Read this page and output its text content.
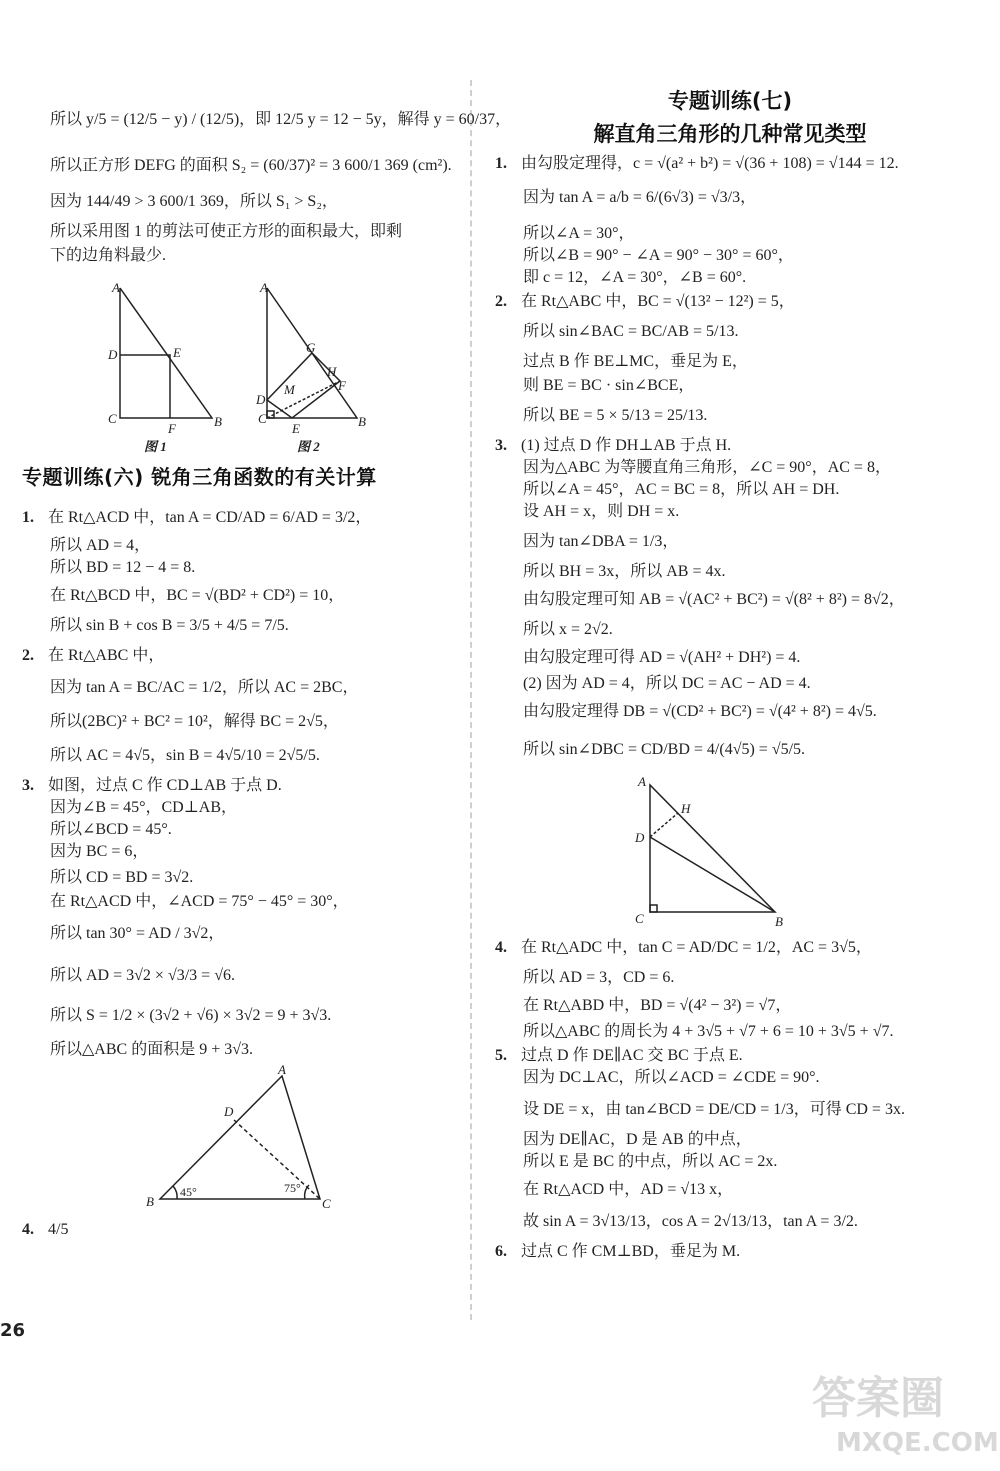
所以 y/5 = (12/5 − y) / (12/5)，即 12/5 y = 12 − 5y，解得 y = 60/37，

所以正方形 DEFG 的面积 S₂ = (60/37)² = 3 600/1 369 (cm²).

因为 144/49 > 3 600/1 369，所以 S₁ > S₂，

所以采用图 1 的剪法可使正方形的面积最大，即剩

下的边角料最少.

A
D	E
C
F	B
图 1
A
G
H
F
D
M
C
E	B
图 2
专题训练(六) 锐角三角函数的有关计算

1. 在 Rt△ACD 中，tan A = CD/AD = 6/AD = 3/2，

所以 AD = 4，

所以 BD = 12 − 4 = 8.

在 Rt△BCD 中，BC = √(BD² + CD²) = 10，

所以 sin B + cos B = 3/5 + 4/5 = 7/5.

2. 在 Rt△ABC 中，

因为 tan A = BC/AC = 1/2，所以 AC = 2BC，

所以(2BC)² + BC² = 10²，解得 BC = 2√5，

所以 AC = 4√5，sin B = 4√5/10 = 2√5/5.

3. 如图，过点 C 作 CD⊥AB 于点 D.

因为∠B = 45°，CD⊥AB，

所以∠BCD = 45°.

因为 BC = 6，

所以 CD = BD = 3√2.

在 Rt△ACD 中，∠ACD = 75° − 45° = 30°，

所以 tan 30° = AD / 3√2，

所以 AD = 3√2 × √3/3 = √6.

所以 S = 1/2 × (3√2 + √6) × 3√2 = 9 + 3√3.

所以△ABC 的面积是 9 + 3√3.

A
D
B	C
45°	75°

4. 4/5

专题训练(七)
解直角三角形的几种常见类型

1. 由勾股定理得，c = √(a² + b²) = √(36 + 108) = √144 = 12.

因为 tan A = a/b = 6/(6√3) = √3/3，

所以∠A = 30°，

所以∠B = 90° − ∠A = 90° − 30° = 60°，

即 c = 12，∠A = 30°，∠B = 60°.

2. 在 Rt△ABC 中，BC = √(13² − 12²) = 5，

所以 sin∠BAC = BC/AB = 5/13.

过点 B 作 BE⊥MC，垂足为 E，

则 BE = BC · sin∠BCE，

所以 BE = 5 × 5/13 = 25/13.

3. (1) 过点 D 作 DH⊥AB 于点 H.

因为△ABC 为等腰直角三角形，∠C = 90°，AC = 8，

所以∠A = 45°，AC = BC = 8，所以 AH = DH.

设 AH = x，则 DH = x.

因为 tan∠DBA = 1/3，

所以 BH = 3x，所以 AB = 4x.

由勾股定理可知 AB = √(AC² + BC²) = √(8² + 8²) = 8√2，

所以 x = 2√2.

由勾股定理可得 AD = √(AH² + DH²) = 4.

(2) 因为 AD = 4，所以 DC = AC − AD = 4.

由勾股定理得 DB = √(CD² + BC²) = √(4² + 8²) = 4√5.

所以 sin∠DBC = CD/BD = 4/(4√5) = √5/5.

A
H
D
C	B

4. 在 Rt△ADC 中，tan C = AD/DC = 1/2，AC = 3√5，

所以 AD = 3，CD = 6.

在 Rt△ABD 中，BD = √(4² − 3²) = √7，

所以△ABC 的周长为 4 + 3√5 + √7 + 6 = 10 + 3√5 + √7.

5. 过点 D 作 DE∥AC 交 BC 于点 E.

因为 DC⊥AC，所以∠ACD = ∠CDE = 90°.

设 DE = x，由 tan∠BCD = DE/CD = 1/3，可得 CD = 3x.

因为 DE∥AC，D 是 AB 的中点，

所以 E 是 BC 的中点，所以 AC = 2x.

在 Rt△ACD 中，AD = √13 x，

故 sin A = 3√13/13，cos A = 2√13/13，tan A = 3/2.

6. 过点 C 作 CM⊥BD，垂足为 M.

26
答案圈
MXQE.COM
